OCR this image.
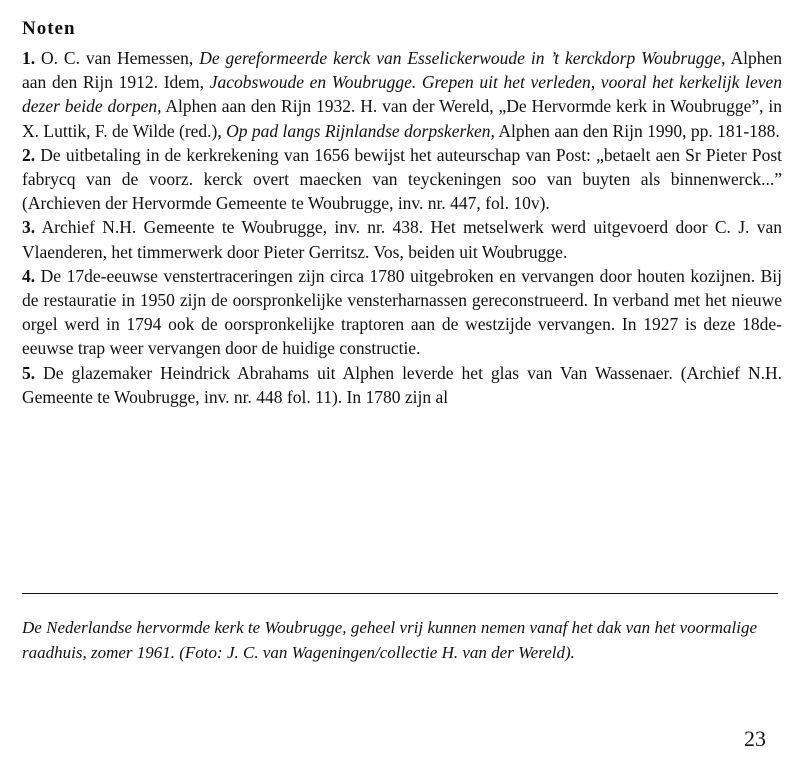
Noten

1. O. C. van Hemessen, De gereformeerde kerck van Esselickerwoude in ’t kerckdorp Woubrugge, Alphen aan den Rijn 1912. Idem, Jacobswoude en Woubrugge. Grepen uit het verleden, vooral het kerkelijk leven dezer beide dorpen, Alphen aan den Rijn 1932. H. van der Wereld, „De Hervormde kerk in Woubrugge”, in X. Luttik, F. de Wilde (red.), Op pad langs Rijnlandse dorpskerken, Alphen aan den Rijn 1990, pp. 181-188.

2. De uitbetaling in de kerkrekening van 1656 bewijst het auteurschap van Post: „betaelt aen Sr Pieter Post fabrycq van de voorz. kerck overt maecken van teyckeningen soo van buyten als binnenwerck...” (Archieven der Hervormde Gemeente te Woubrugge, inv. nr. 447, fol. 10v).

3. Archief N.H. Gemeente te Woubrugge, inv. nr. 438. Het metselwerk werd uitgevoerd door C. J. van Vlaenderen, het timmerwerk door Pieter Gerritsz. Vos, beiden uit Woubrugge.

4. De 17de-eeuwse venstertraceringen zijn circa 1780 uitgebroken en vervangen door houten kozijnen. Bij de restauratie in 1950 zijn de oorspronkelijke vensterharnassen gereconstrueerd. In verband met het nieuwe orgel werd in 1794 ook de oorspronkelijke traptoren aan de westzijde vervangen. In 1927 is deze 18de-eeuwse trap weer vervangen door de huidige constructie.

5. De glazemaker Heindrick Abrahams uit Alphen leverde het glas van Van Wassenaer. (Archief N.H. Gemeente te Woubrugge, inv. nr. 448 fol. 11). In 1780 zijn al

De Nederlandse hervormde kerk te Woubrugge, geheel vrij kunnen nemen vanaf het dak van het voormalige raadhuis, zomer 1961. (Foto: J. C. van Wageningen/collectie H. van der Wereld).
23
